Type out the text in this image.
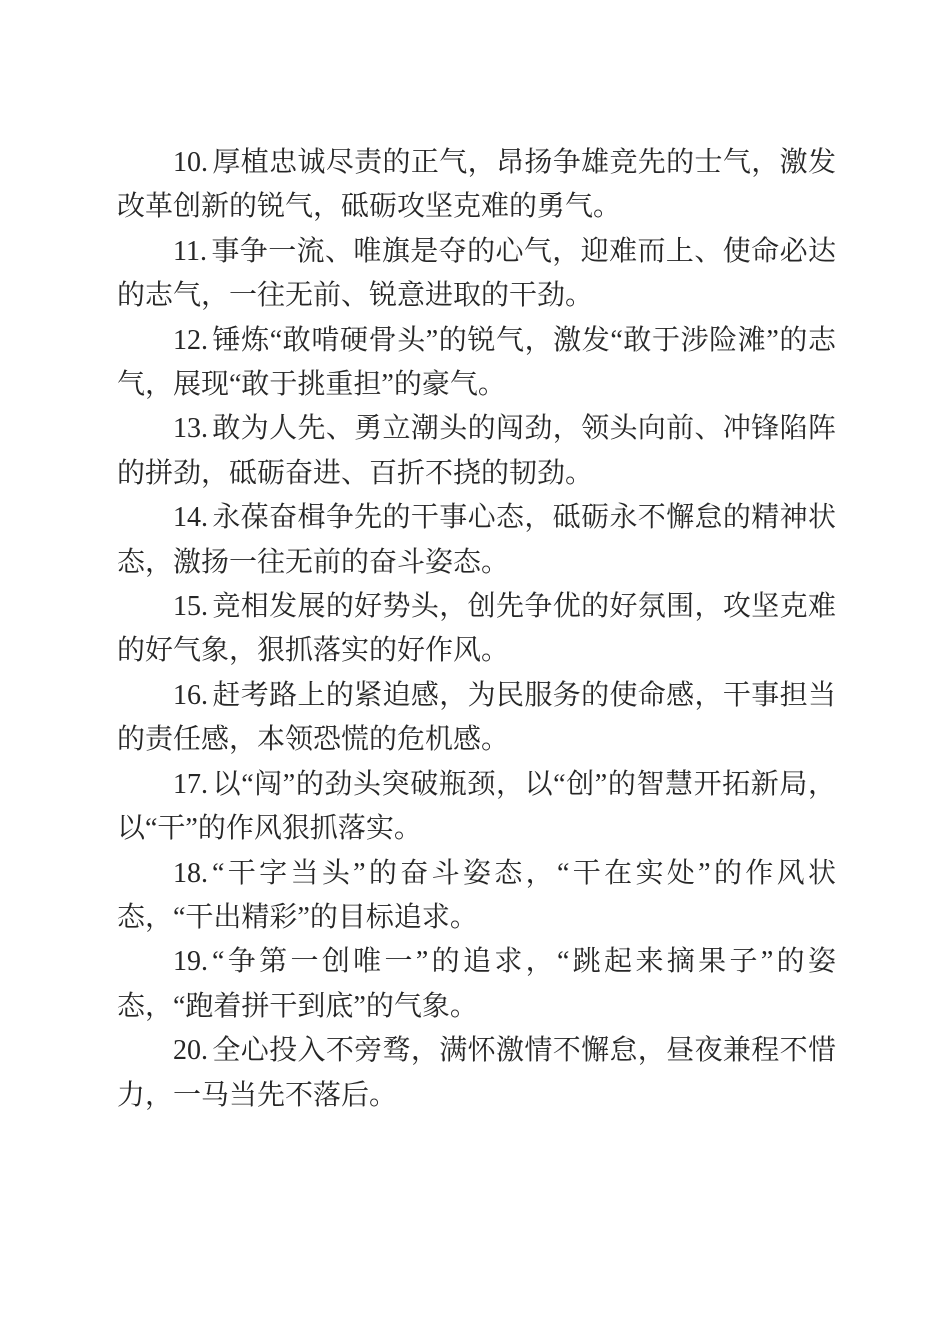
10. 厚植忠诚尽责的正气，昂扬争雄竞先的士气，激发改革创新的锐气，砥砺攻坚克难的勇气。

11. 事争一流、唯旗是夺的心气，迎难而上、使命必达的志气，一往无前、锐意进取的干劲。

12. 锤炼“敢啃硬骨头”的锐气，激发“敢于涉险滩”的志气，展现“敢于挑重担”的豪气。

13. 敢为人先、勇立潮头的闯劲，领头向前、冲锋陷阵的拼劲，砥砺奋进、百折不挠的韧劲。

14. 永葆奋楫争先的干事心态，砥砺永不懈怠的精神状态，激扬一往无前的奋斗姿态。

15. 竞相发展的好势头，创先争优的好氛围，攻坚克难的好气象，狠抓落实的好作风。

16. 赶考路上的紧迫感，为民服务的使命感，干事担当的责任感，本领恐慌的危机感。

17. 以“闯”的劲头突破瓶颈，以“创”的智慧开拓新局，以“干”的作风狠抓落实。

18. “干字当头”的奋斗姿态，“干在实处”的作风状态，“干出精彩”的目标追求。

19. “争第一创唯一”的追求，“跳起来摘果子”的姿态，“跑着拼干到底”的气象。

20. 全心投入不旁骛，满怀激情不懈怠，昼夜兼程不惜力，一马当先不落后。
